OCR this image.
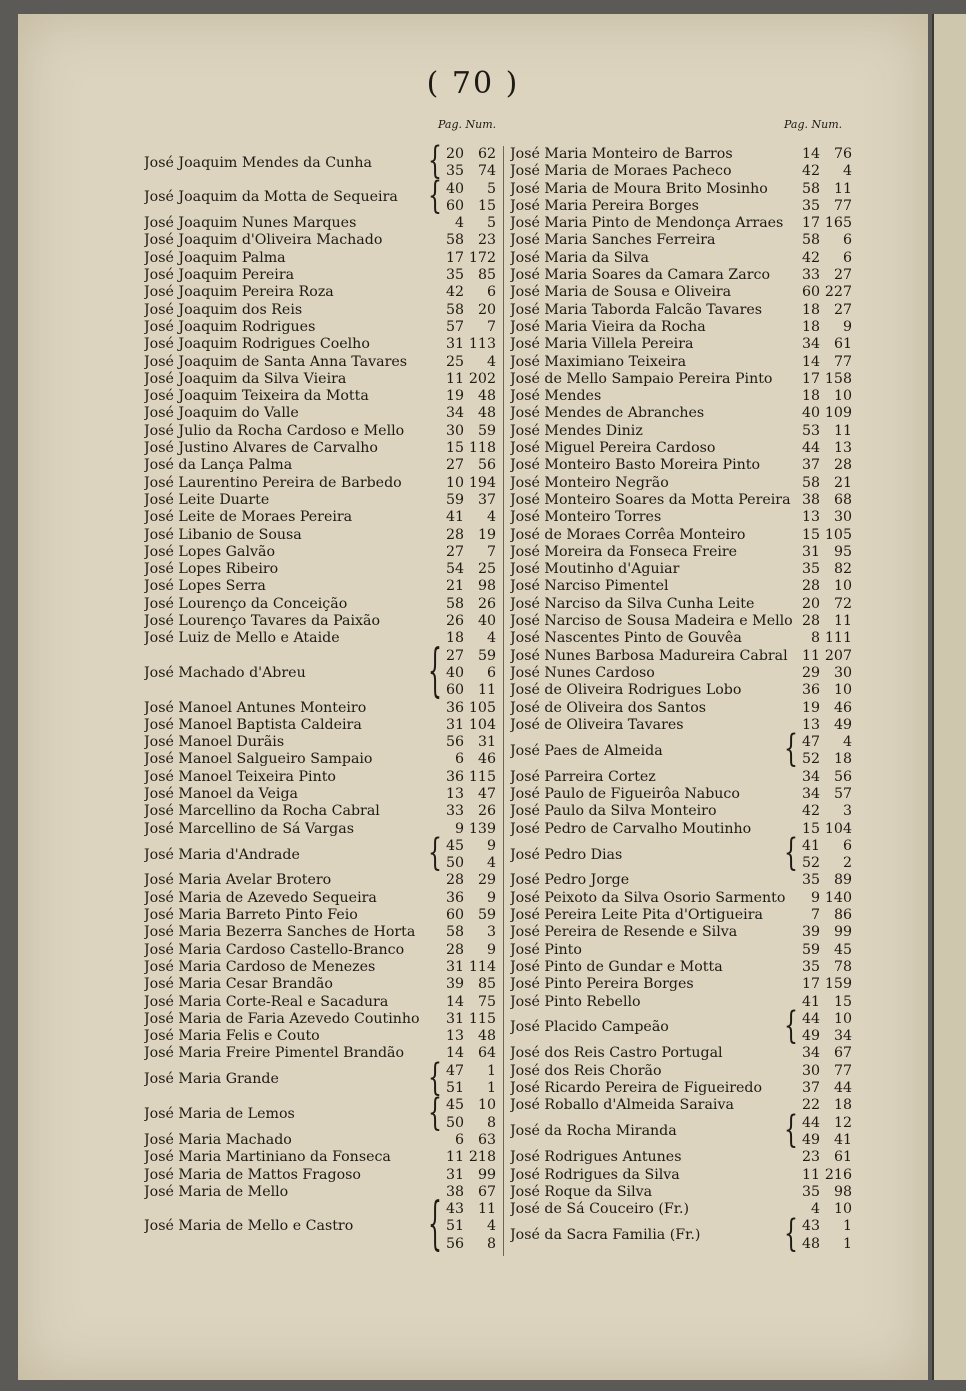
( 70 )
Pag. Num.	Pag. Num.
José Joaquim Mendes da Cunha	{ 20 62
35 74
José Joaquim da Motta de Sequeira	{ 40	5
60 15
José Joaquim Nunes Marques	4	5
José Joaquim d'Oliveira Machado	58 23
José Joaquim Palma	17 172
José Joaquim Pereira	35 85
José Joaquim Pereira Roza	42	6
José Joaquim dos Reis	58 20
José Joaquim Rodrigues	57	7
José Joaquim Rodrigues Coelho	31 113
José Joaquim de Santa Anna Tavares	25	4
José Joaquim da Silva Vieira	11 202
José Joaquim Teixeira da Motta	19 48
José Joaquim do Valle	34 48
José Julio da Rocha Cardoso e Mello	30 59
José Justino Alvares de Carvalho	15 118
José da Lança Palma	27 56
José Laurentino Pereira de Barbedo	10 194
José Leite Duarte	59 37
José Leite de Moraes Pereira	41	4
José Libanio de Sousa	28 19
José Lopes Galvão	27	7
José Lopes Ribeiro	54 25
José Lopes Serra	21 98
José Lourenço da Conceição	58 26
José Lourenço Tavares da Paixão	26 40
José Luiz de Mello e Ataide	18	4
José Machado d'Abreu	{ 27 59
40	6
60 11
José Manoel Antunes Monteiro	36 105
José Manoel Baptista Caldeira	31 104
José Manoel Durãis	56 31
José Manoel Salgueiro Sampaio	6 46
José Manoel Teixeira Pinto	36 115
José Manoel da Veiga	13 47
José Marcellino da Rocha Cabral	33 26
José Marcellino de Sá Vargas	9 139
José Maria d'Andrade	{ 45	9
50	4
José Maria Avelar Brotero	28 29
José Maria de Azevedo Sequeira	36	9
José Maria Barreto Pinto Feio	60 59
José Maria Bezerra Sanches de Horta	58	3
José Maria Cardoso Castello-Branco	28	9
José Maria Cardoso de Menezes	31 114
José Maria Cesar Brandão	39 85
José Maria Corte-Real e Sacadura	14 75
José Maria de Faria Azevedo Coutinho	31 115
José Maria Felis e Couto	13 48
José Maria Freire Pimentel Brandão	14 64
José Maria Grande	{ 47	1
51	1
José Maria de Lemos	{ 45 10
50	8
José Maria Machado	6 63
José Maria Martiniano da Fonseca	11 218
José Maria de Mattos Fragoso	31 99
José Maria de Mello	38 67
José Maria de Mello e Castro	{ 43 11
51	4
56	8
José Maria Monteiro de Barros	14 76
José Maria de Moraes Pacheco	42	4
José Maria de Moura Brito Mosinho	58 11
José Maria Pereira Borges	35 77
José Maria Pinto de Mendonça Arraes	17 165
José Maria Sanches Ferreira	58	6
José Maria da Silva	42	6
José Maria Soares da Camara Zarco	33 27
José Maria de Sousa e Oliveira	60 227
José Maria Taborda Falcão Tavares	18 27
José Maria Vieira da Rocha	18	9
José Maria Villela Pereira	34 61
José Maximiano Teixeira	14 77
José de Mello Sampaio Pereira Pinto	17 158
José Mendes	18 10
José Mendes de Abranches	40 109
José Mendes Diniz	53 11
José Miguel Pereira Cardoso	44 13
José Monteiro Basto Moreira Pinto	37 28
José Monteiro Negrão	58 21
José Monteiro Soares da Motta Pereira 38 68
José Monteiro Torres	13 30
José de Moraes Corrêa Monteiro	15 105
José Moreira da Fonseca Freire	31 95
José Moutinho d'Aguiar	35 82
José Narciso Pimentel	28 10
José Narciso da Silva Cunha Leite	20 72
José Narciso de Sousa Madeira e Mello 28 11
José Nascentes Pinto de Gouvêa	8 111
José Nunes Barbosa Madureira Cabral	11 207
José Nunes Cardoso	29 30
José de Oliveira Rodrigues Lobo	36 10
José de Oliveira dos Santos	19 46
José de Oliveira Tavares	13 49
José Paes de Almeida	{ 47	4
52 18
José Parreira Cortez	34 56
José Paulo de Figueirôa Nabuco	34 57
José Paulo da Silva Monteiro	42	3
José Pedro de Carvalho Moutinho	15 104
José Pedro Dias	{ 41	6
52	2
José Pedro Jorge	35 89
José Peixoto da Silva Osorio Sarmento	9 140
José Pereira Leite Pita d'Ortigueira	7 86
José Pereira de Resende e Silva	39 99
José Pinto	59 45
José Pinto de Gundar e Motta	35 78
José Pinto Pereira Borges	17 159
José Pinto Rebello	41 15
José Placido Campeão	{ 44 10
49 34
José dos Reis Castro Portugal	34 67
José dos Reis Chorão	30 77
José Ricardo Pereira de Figueiredo	37 44
José Roballo d'Almeida Saraiva	22 18
José da Rocha Miranda	{ 44 12
49 41
José Rodrigues Antunes	23 61
José Rodrigues da Silva	11 216
José Roque da Silva	35 98
José de Sá Couceiro (Fr.)	4 10
José da Sacra Familia (Fr.)	{ 43	1
48	1
